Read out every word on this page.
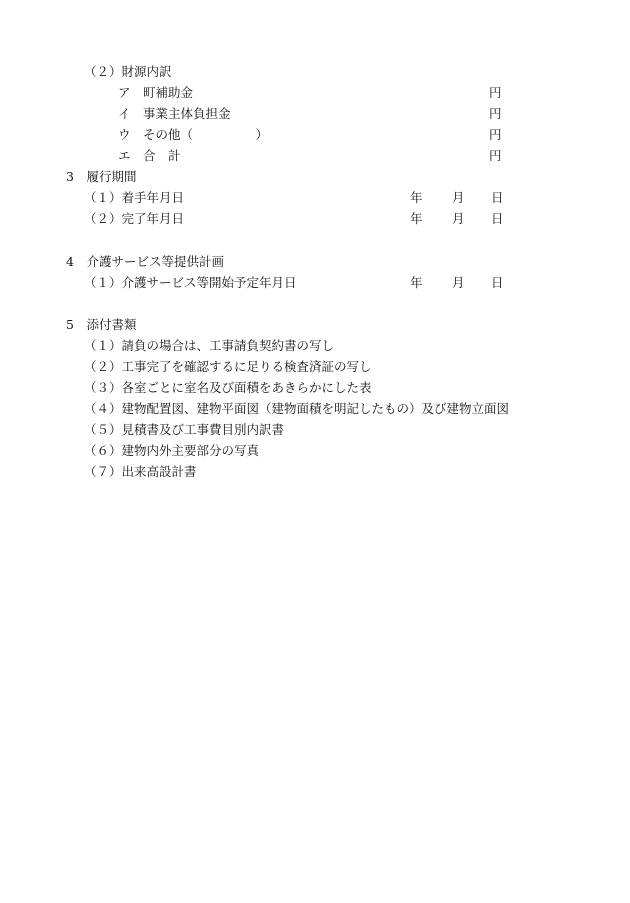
（２）財源内訳
ア　町補助金	円
イ　事業主体負担金	円
ウ　その他（　　　　　）	円
エ　合　計	円
3　履行期間
（１）着手年月日	年 月 日
（２）完了年月日	年 月 日
4　介護サービス等提供計画
（１）介護サービス等開始予定年月日	年 月 日
5　添付書類
（１）請負の場合は、工事請負契約書の写し
（２）工事完了を確認するに足りる検査済証の写し
（３）各室ごとに室名及び面積をあきらかにした表
（４）建物配置図、建物平面図（建物面積を明記したもの）及び建物立面図
（５）見積書及び工事費目別内訳書
（６）建物内外主要部分の写真
（７）出来高設計書
